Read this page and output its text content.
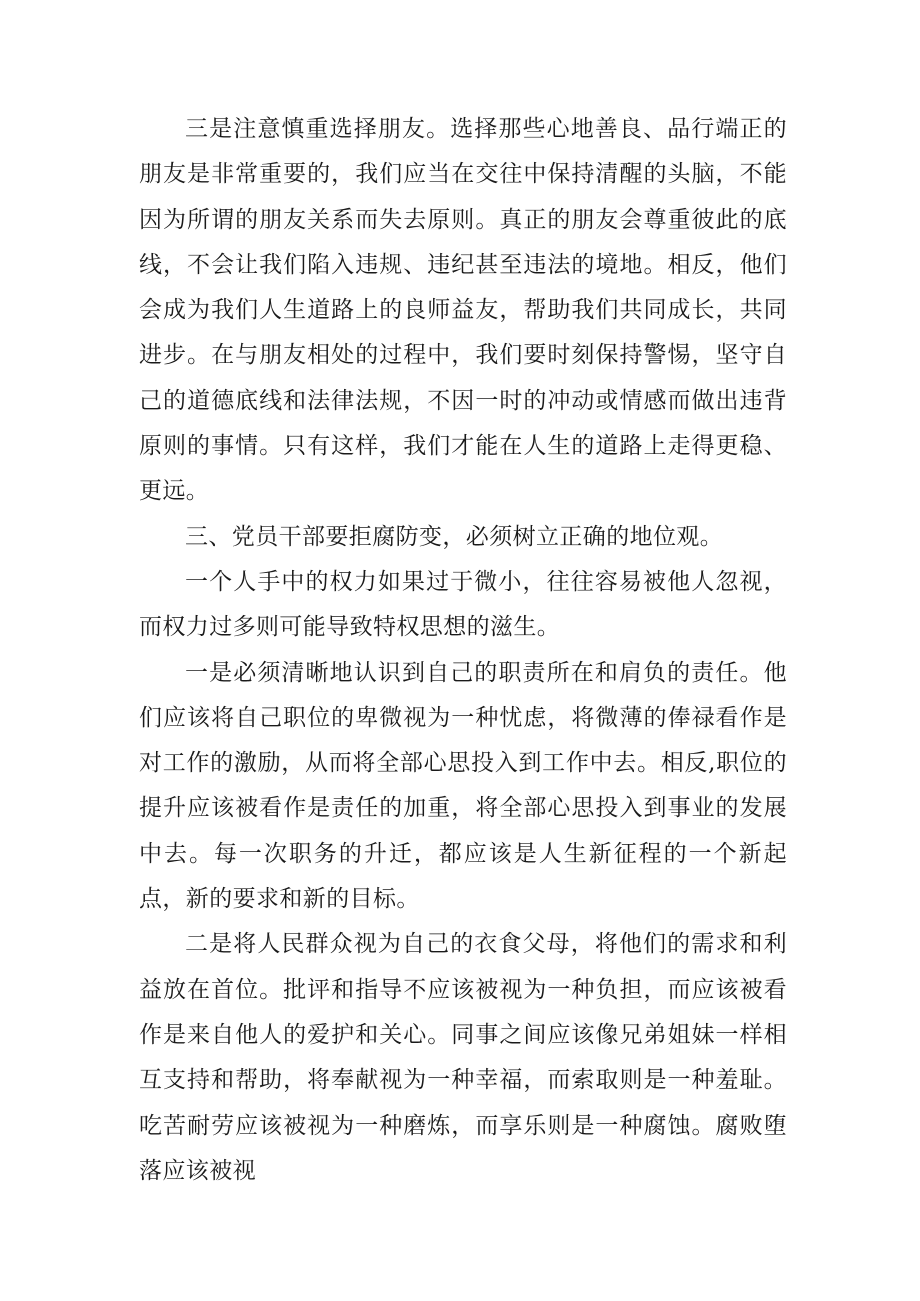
三是注意慎重选择朋友。选择那些心地善良、品行端正的朋友是非常重要的，我们应当在交往中保持清醒的头脑，不能因为所谓的朋友关系而失去原则。真正的朋友会尊重彼此的底线，不会让我们陷入违规、违纪甚至违法的境地。相反，他们会成为我们人生道路上的良师益友，帮助我们共同成长，共同进步。在与朋友相处的过程中，我们要时刻保持警惕，坚守自己的道德底线和法律法规，不因一时的冲动或情感而做出违背原则的事情。只有这样，我们才能在人生的道路上走得更稳、更远。

三、党员干部要拒腐防变，必须树立正确的地位观。

一个人手中的权力如果过于微小，往往容易被他人忽视，而权力过多则可能导致特权思想的滋生。

一是必须清晰地认识到自己的职责所在和肩负的责任。他们应该将自己职位的卑微视为一种忧虑，将微薄的俸禄看作是对工作的激励，从而将全部心思投入到工作中去。相反,职位的提升应该被看作是责任的加重，将全部心思投入到事业的发展中去。每一次职务的升迁，都应该是人生新征程的一个新起点，新的要求和新的目标。

二是将人民群众视为自己的衣食父母，将他们的需求和利益放在首位。批评和指导不应该被视为一种负担，而应该被看作是来自他人的爱护和关心。同事之间应该像兄弟姐妹一样相互支持和帮助，将奉献视为一种幸福，而索取则是一种羞耻。吃苦耐劳应该被视为一种磨炼，而享乐则是一种腐蚀。腐败堕落应该被视
